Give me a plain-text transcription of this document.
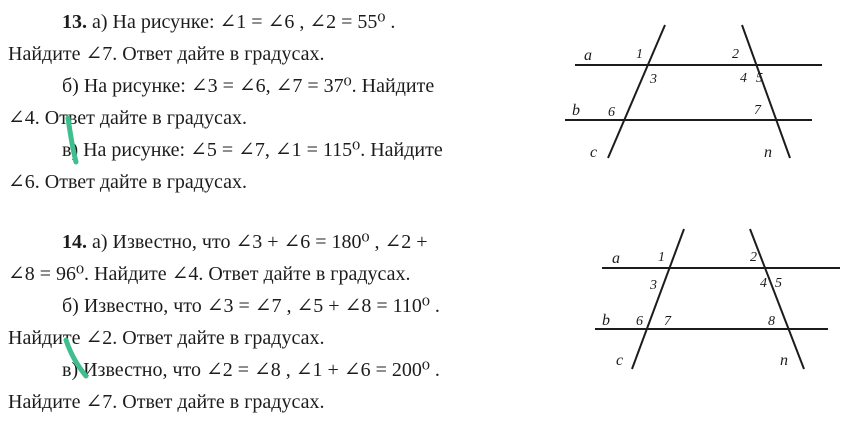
13. а) На рисунке: ∠1 = ∠6 , ∠2 = 55⁰ .
Найдите ∠7. Ответ дайте в градусах.
б) На рисунке: ∠3 = ∠6, ∠7 = 37⁰. Найдите
∠4. Ответ дайте в градусах.
в) На рисунке: ∠5 = ∠7, ∠1 = 115⁰. Найдите
∠6. Ответ дайте в градусах.
14. а) Известно, что ∠3 + ∠6 = 180⁰ , ∠2 +
∠8 = 96⁰. Найдите ∠4. Ответ дайте в градусах.
б) Известно, что ∠3 = ∠7 , ∠5 + ∠8 = 110⁰ .
Найдите ∠2. Ответ дайте в градусах.
в) Известно, что ∠2 = ∠8 , ∠1 + ∠6 = 200⁰ .
Найдите ∠7. Ответ дайте в градусах.
a
b
c	n
1	2
3	4 5
6	7
a
b
c	n
1	2
3	4 5
6 7	8
